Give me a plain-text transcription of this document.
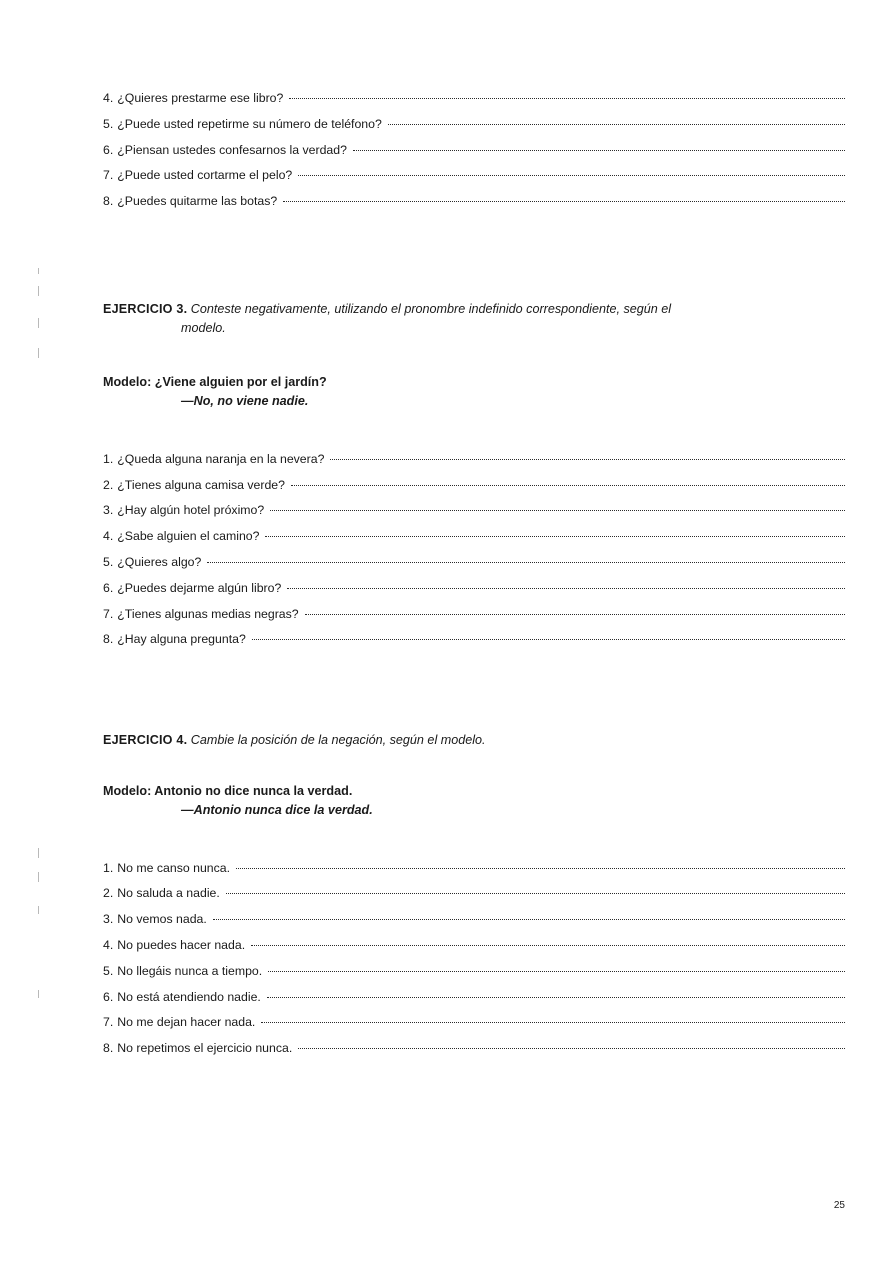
4. ¿Quieres prestarme ese libro?
5. ¿Puede usted repetirme su número de teléfono?
6. ¿Piensan ustedes confesarnos la verdad?
7. ¿Puede usted cortarme el pelo?
8. ¿Puedes quitarme las botas?
EJERCICIO 3. Conteste negativamente, utilizando el pronombre indefinido correspondiente, según el
modelo.
Modelo: ¿Viene alguien por el jardín?
—No, no viene nadie.
1. ¿Queda alguna naranja en la nevera?
2. ¿Tienes alguna camisa verde?
3. ¿Hay algún hotel próximo?
4. ¿Sabe alguien el camino?
5. ¿Quieres algo?
6. ¿Puedes dejarme algún libro?
7. ¿Tienes algunas medias negras?
8. ¿Hay alguna pregunta?
EJERCICIO 4. Cambie la posición de la negación, según el modelo.
Modelo: Antonio no dice nunca la verdad.
—Antonio nunca dice la verdad.
1. No me canso nunca.
2. No saluda a nadie.
3. No vemos nada.
4. No puedes hacer nada.
5. No llegáis nunca a tiempo.
6. No está atendiendo nadie.
7. No me dejan hacer nada.
8. No repetimos el ejercicio nunca.
25
